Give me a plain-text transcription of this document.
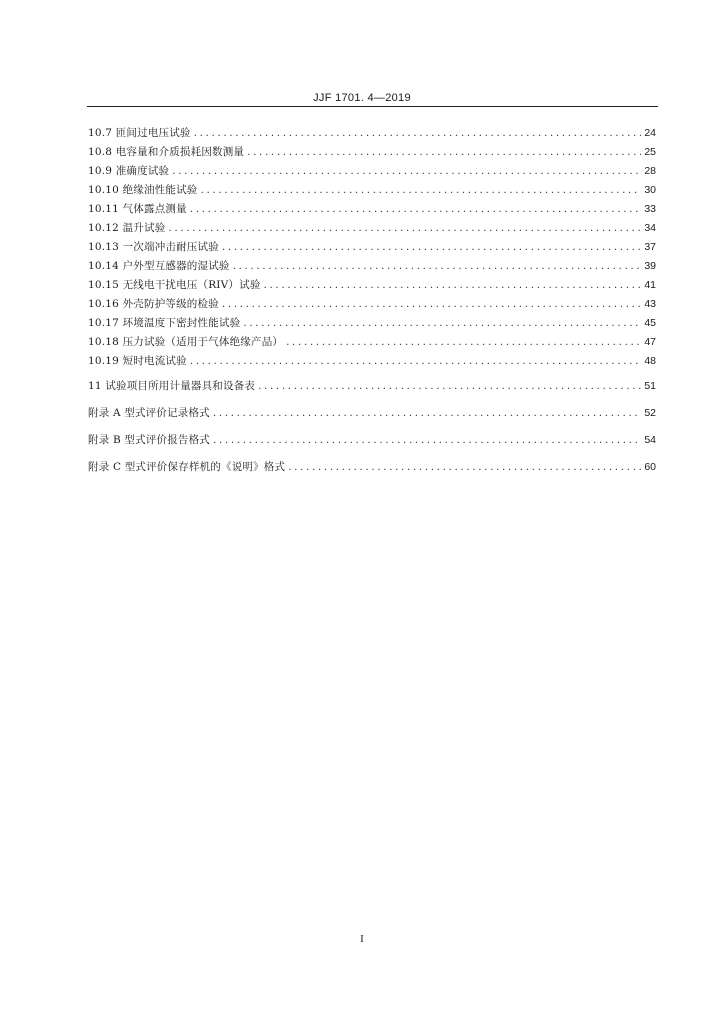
JJF 1701. 4—2019
10.7 匝间过电压试验 .....	24
10.8 电容量和介质损耗因数测量 .....	25
10.9 准确度试验 .....	28
10.10 绝缘油性能试验 .....	30
10.11 气体露点测量 .....	33
10.12 温升试验 .....	34
10.13 一次端冲击耐压试验 .....	37
10.14 户外型互感器的湿试验 .....	39
10.15 无线电干扰电压（RIV）试验 .....	41
10.16 外壳防护等级的检验 .....	43
10.17 环境温度下密封性能试验 .....	45
10.18 压力试验（适用于气体绝缘产品） .....	47
10.19 短时电流试验 .....	48
11 试验项目所用计量器具和设备表 .....	51
附录 A 型式评价记录格式 .....	52
附录 B 型式评价报告格式 .....	54
附录 C 型式评价保存样机的《说明》格式 .....	60
I
